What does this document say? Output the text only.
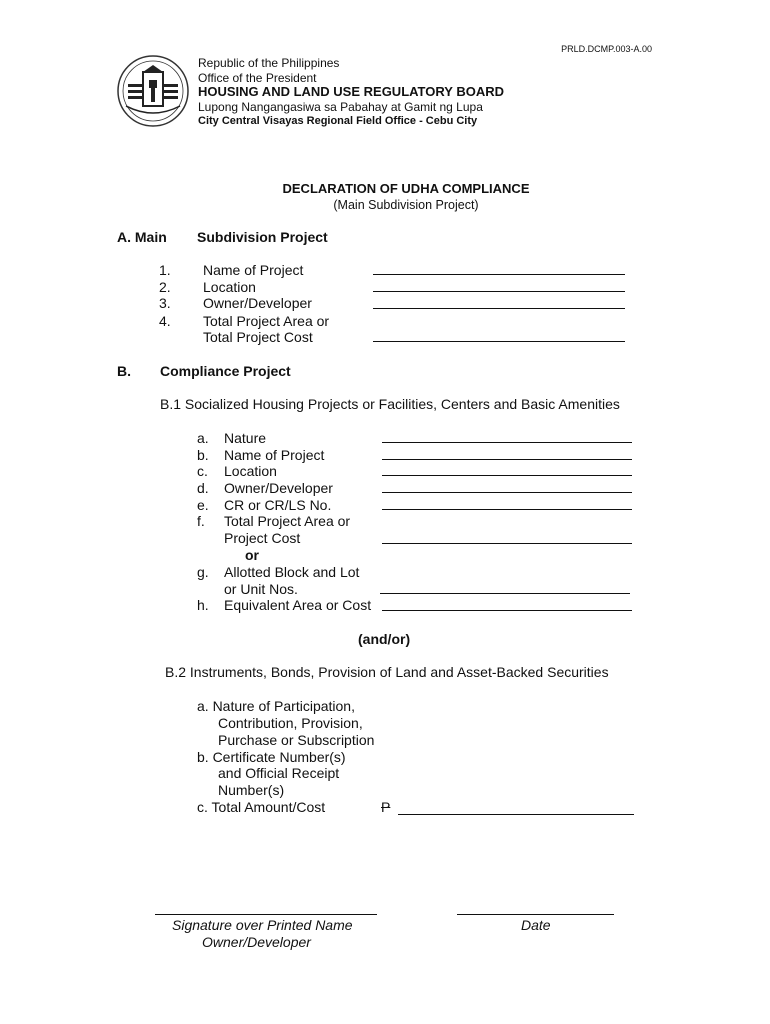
PRLD.DCMP.003-A.00
Republic of the Philippines
Office of the President
HOUSING AND LAND USE REGULATORY BOARD
Lupong Nangangasiwa sa Pabahay at Gamit ng Lupa
City Central Visayas Regional Field Office - Cebu City
DECLARATION OF UDHA COMPLIANCE
(Main Subdivision Project)
A. Main Subdivision Project
1. Name of Project
2. Location
3. Owner/Developer
4. Total Project Area or
Total Project Cost
B. Compliance Project
B.1 Socialized Housing Projects or Facilities, Centers and Basic Amenities
a. Nature
b. Name of Project
c. Location
d. Owner/Developer
e. CR or CR/LS No.
f. Total Project Area or
Project Cost
or
g. Allotted Block and Lot
or Unit Nos.
h. Equivalent Area or Cost
(and/or)
B.2 Instruments, Bonds, Provision of Land and Asset-Backed Securities
a. Nature of Participation,
Contribution, Provision,
Purchase or Subscription
b. Certificate Number(s)
and Official Receipt
Number(s)
c. Total Amount/Cost	P
Signature over Printed Name
Owner/Developer
Date
